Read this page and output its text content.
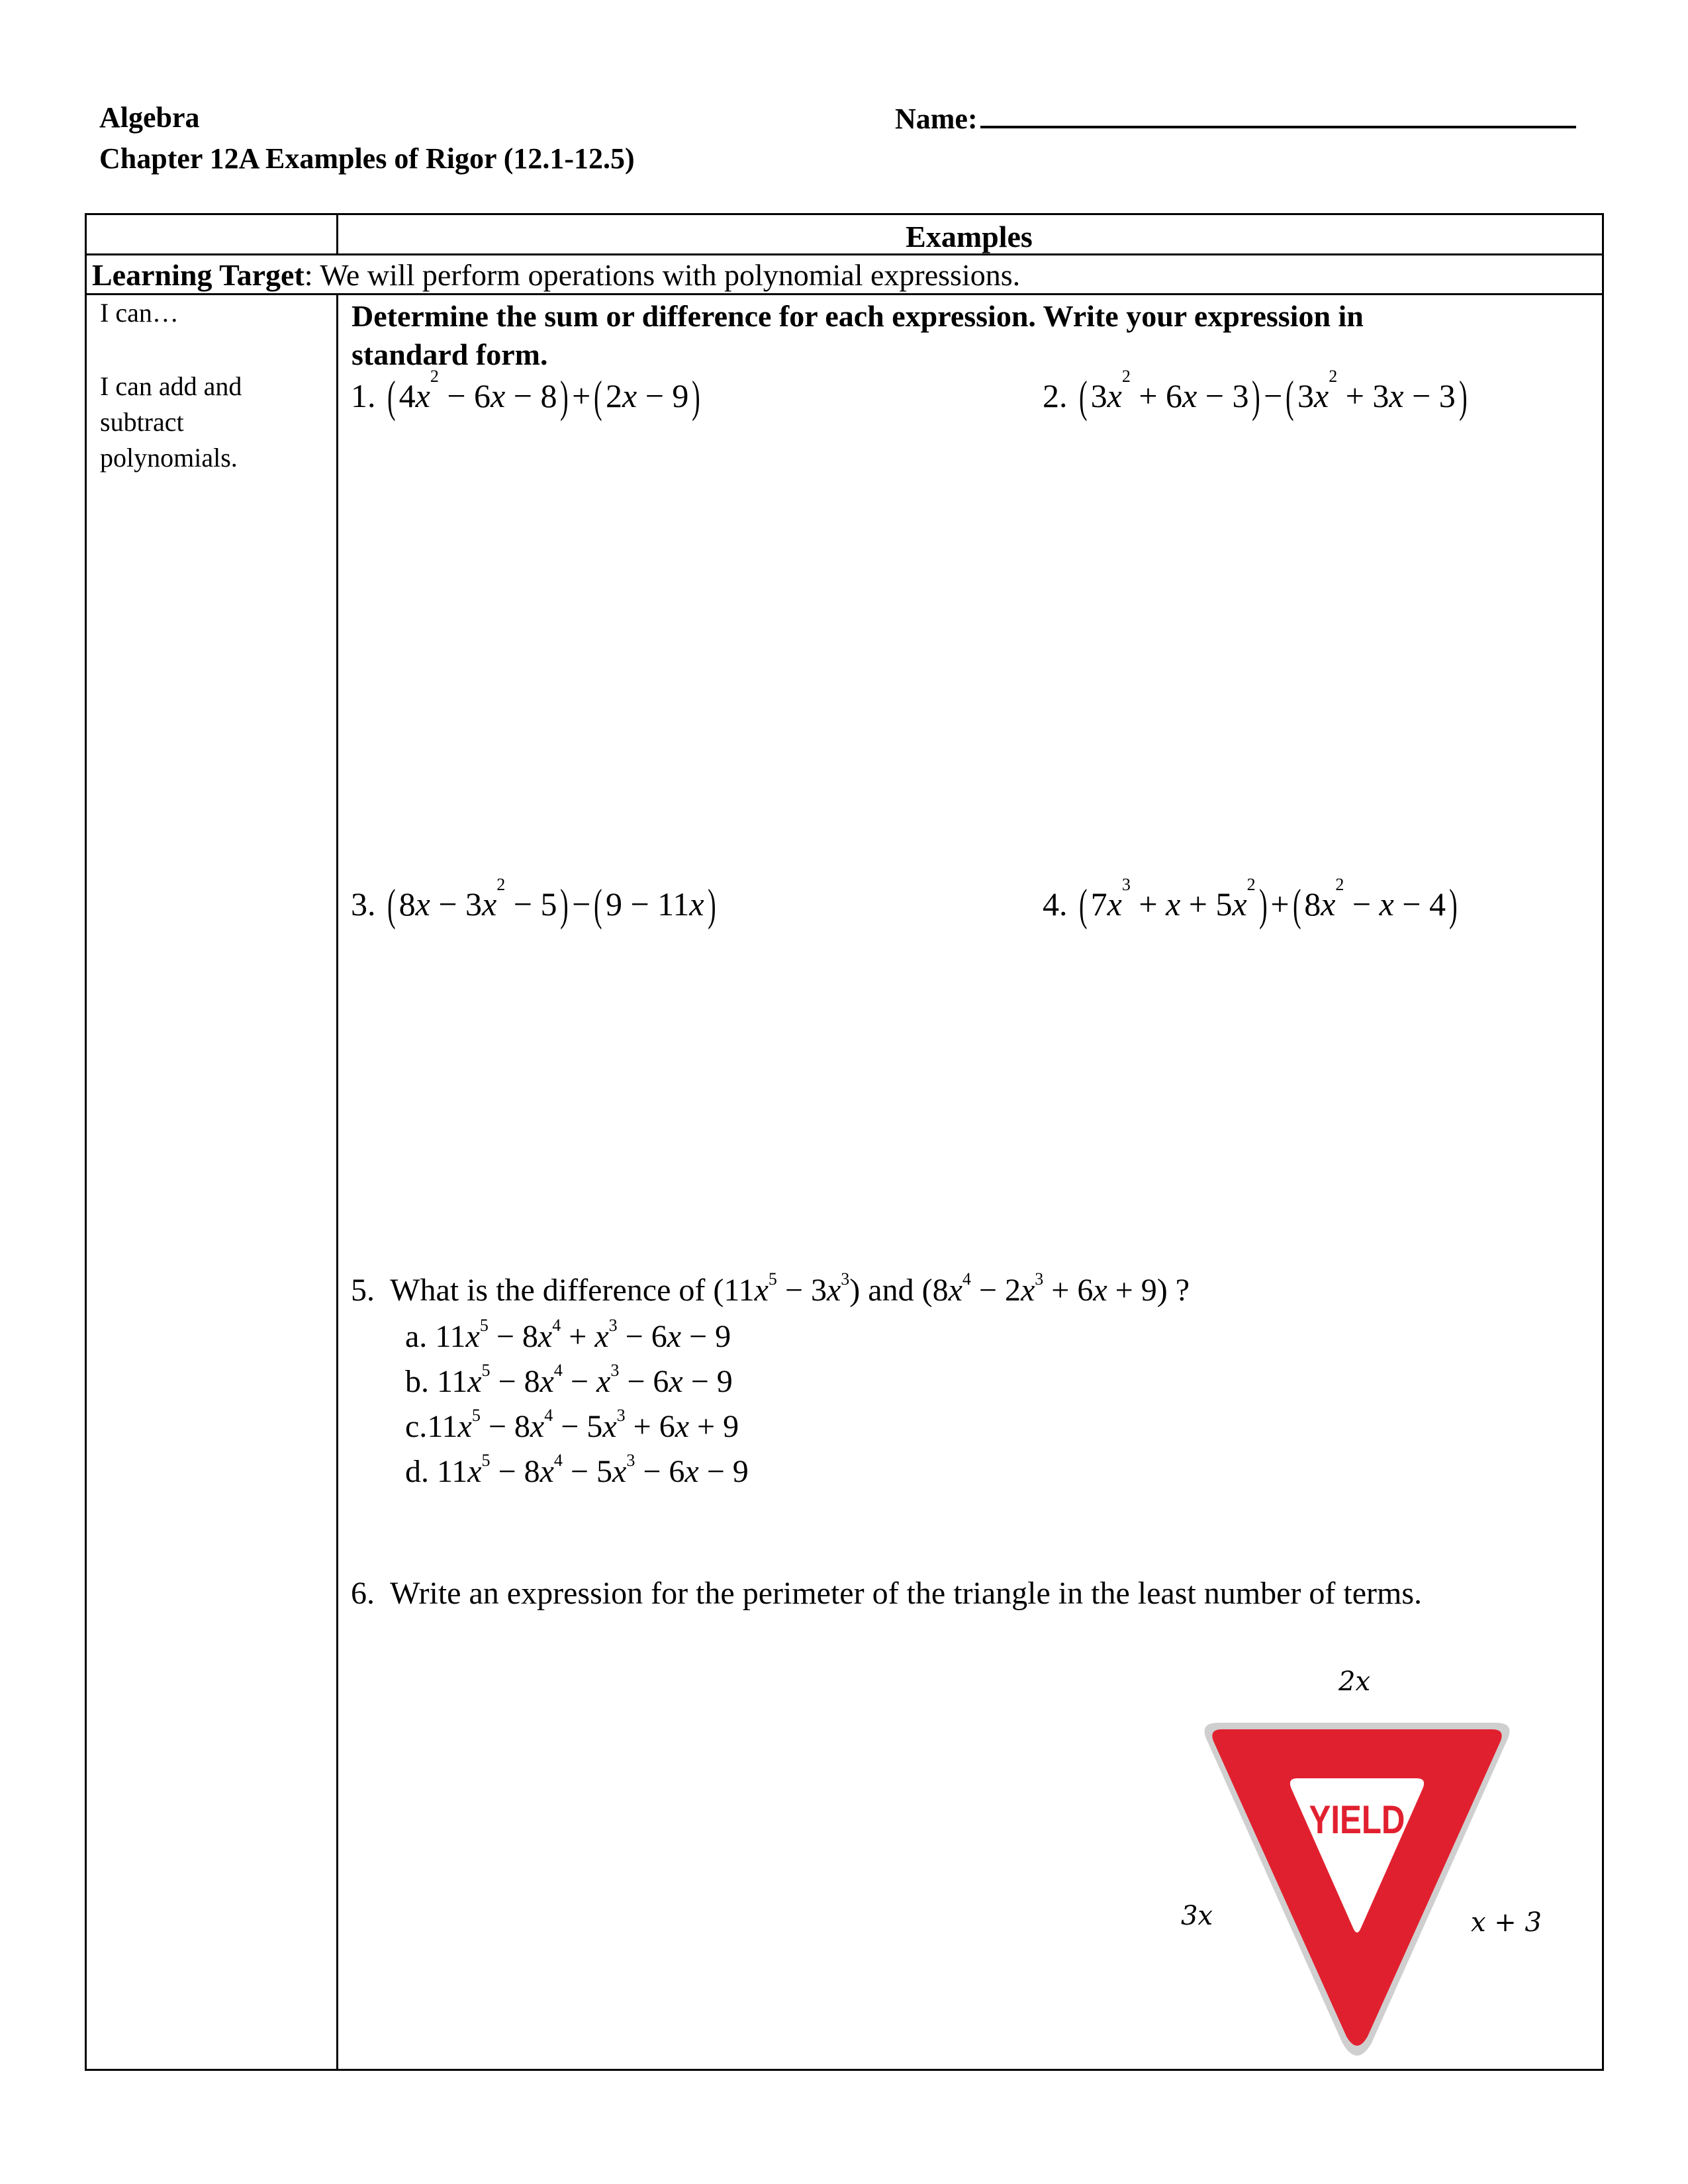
Algebra
Chapter 12A Examples of Rigor (12.1-12.5)
Name:
Examples
Learning Target: We will perform operations with polynomial expressions.
I can…
I can add and subtract polynomials.
Determine the sum or difference for each expression. Write your expression in standard form.
1. ( $4x^2 - 6x - 8$) +( 2x − 9)	2. ( $3x^2 + 6x - 3$) −( $3x^2 + 3x - 3$)
3. ( $8x - 3x^2 - 5$) −( 9 − 11x)	4. ( $7x^3 + x + 5x^2$) +( $8x^2 - x - 4$)
5. What is the difference of $(11x^5 - 3x^3)$ and $(8x^4 - 2x^3 + 6x + 9)$ ?
a. $11x^5 - 8x^4 + x^3 - 6x - 9$
b. $11x^5 - 8x^4 - x^3 - 6x - 9$
$c.11x^5 - 8x^4 - 5x^3 + 6x + 9$
d. $11x^5 - 8x^4 - 5x^3 - 6x - 9$
6. Write an expression for the perimeter of the triangle in the least number of terms.
2x
3x	x + 3
YIELD
